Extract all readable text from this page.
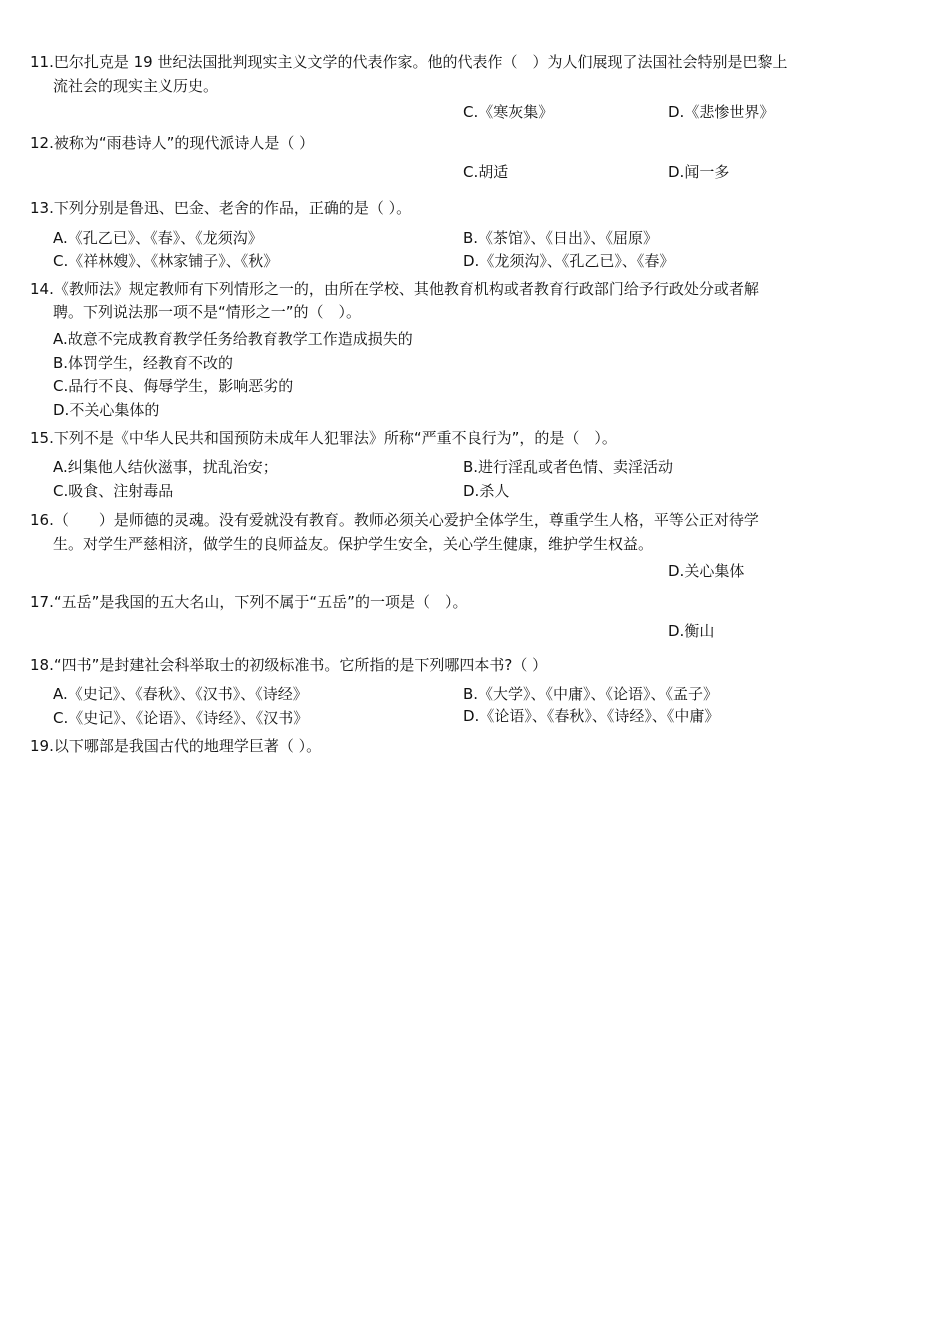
11.巴尔扎克是 19 世纪法国批判现实主义文学的代表作家。他的代表作（　）为人们展现了法国社会特别是巴黎上
流社会的现实主义历史。
C.《寒灰集》	D.《悲惨世界》
12.被称为“雨巷诗人”的现代派诗人是（ ）
C.胡适	D.闻一多
13.下列分别是鲁迅、巴金、老舍的作品，正确的是（ ）。
A.《孔乙已》、《春》、《龙须沟》	B.《茶馆》、《日出》、《屈原》
C.《祥林嫂》、《林家铺子》、《秋》	D.《龙须沟》、《孔乙已》、《春》
14.《教师法》规定教师有下列情形之一的，由所在学校、其他教育机构或者教育行政部门给予行政处分或者解
聘。下列说法那一项不是“情形之一”的（　）。
A.故意不完成教育教学任务给教育教学工作造成损失的
B.体罚学生，经教育不改的
C.品行不良、侮辱学生，影响恶劣的
D.不关心集体的
15.下列不是《中华人民共和国预防未成年人犯罪法》所称“严重不良行为”，的是（　）。
A.纠集他人结伙滋事，扰乱治安；	B.进行淫乱或者色情、卖淫活动
C.吸食、注射毒品	D.杀人
16.（　　）是师德的灵魂。没有爱就没有教育。教师必须关心爱护全体学生，尊重学生人格，平等公正对待学
生。对学生严慈相济，做学生的良师益友。保护学生安全，关心学生健康，维护学生权益。
D.关心集体
17.“五岳”是我国的五大名山，下列不属于“五岳”的一项是（　）。
D.衡山
18.“四书”是封建社会科举取士的初级标准书。它所指的是下列哪四本书?（ ）
A.《史记》、《春秋》、《汉书》、《诗经》	B.《大学》、《中庸》、《论语》、《孟子》
C.《史记》、《论语》、《诗经》、《汉书》	D.《论语》、《春秋》、《诗经》、《中庸》
19.以下哪部是我国古代的地理学巨著（ ）。
